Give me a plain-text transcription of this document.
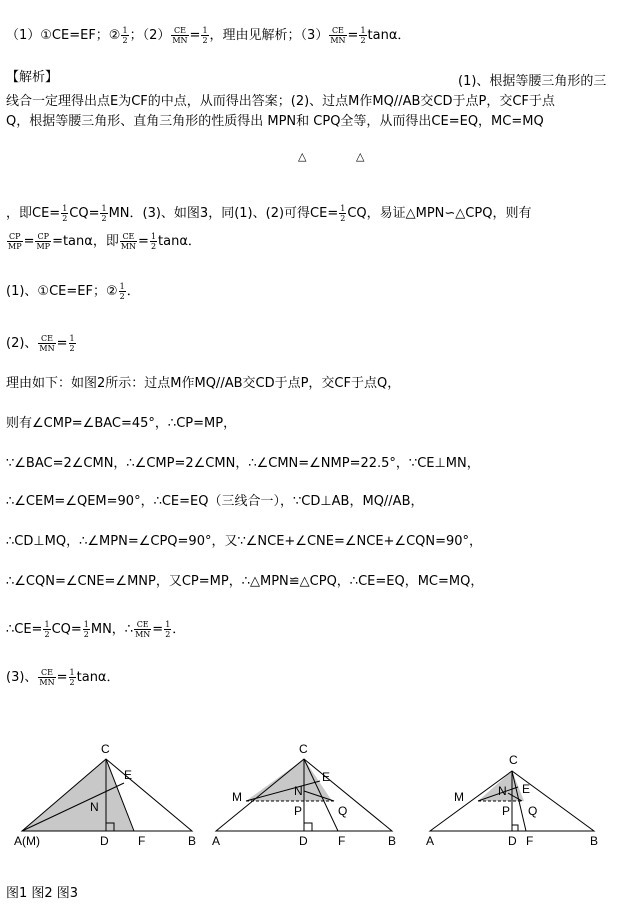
（1）①CE=EF；② $\frac{1}{2}$ ；$(2) \frac{CE}{MN} = \frac{1}{2}$ ，理由见解析；$(3) \frac{CE}{MN} = \frac{1}{2}$ tanα．
【解析】	(1)、根据等腰三角形的三
线合一定理得出点E为CF的中点，从而得出答案；(2)、过点M作MQ//AB交CD于点P，交CF于点
Q，根据等腰三角形、直角三角形的性质得出 MPN和 CPQ全等，从而得出CE=EQ，MC=MQ
△	△
，即$CE= \frac{1}{2} CQ= \frac{1}{2}$ MN．(3)、如图3，同(1)、(2)可得$CE= \frac{1}{2}$ CQ，易证△MPN∽△CPQ，则有
$\frac{CP}{MP} = \frac{CP}{MP} =\tan\alpha$，即 $\frac{CE}{MN} = \frac{1}{2}$ tanα．
(1)、①CE=EF；② $\frac{1}{2}$ ．
(2)、 $\frac{CE}{MN} = \frac{1}{2}$
理由如下：如图2所示：过点M作MQ//AB交CD于点P，交CF于点Q，
则有∠CMP=∠BAC=45°，∴CP=MP，
∵∠BAC=2∠CMN，∴∠CMP=2∠CMN，∴∠CMN=∠NMP=22.5°，∵CE⊥MN，
∴∠CEM=∠QEM=90°，∴CE=EQ（三线合一），∵CD⊥AB，MQ//AB，
∴CD⊥MQ，∴∠MPN=∠CPQ=90°，又∵∠NCE+∠CNE=∠NCE+∠CQN=90°，
∴∠CQN=∠CNE=∠MNP，又CP=MP，∴△MPN≌△CPQ，∴CE=EQ，MC=MQ，
∴CE= $\frac{1}{2} CQ= \frac{1}{2}$ MN，∴ $\frac{CE}{MN} = \frac{1}{2}$ ．
(3)、 $\frac{CE}{MN} = \frac{1}{2}$ tanα．
C
E
N
A(M)	D F	B
C
M
E
N
P	Q
A	D	F	B
C
M	N E
P Q
A	D F	B
图1 图2 图3
